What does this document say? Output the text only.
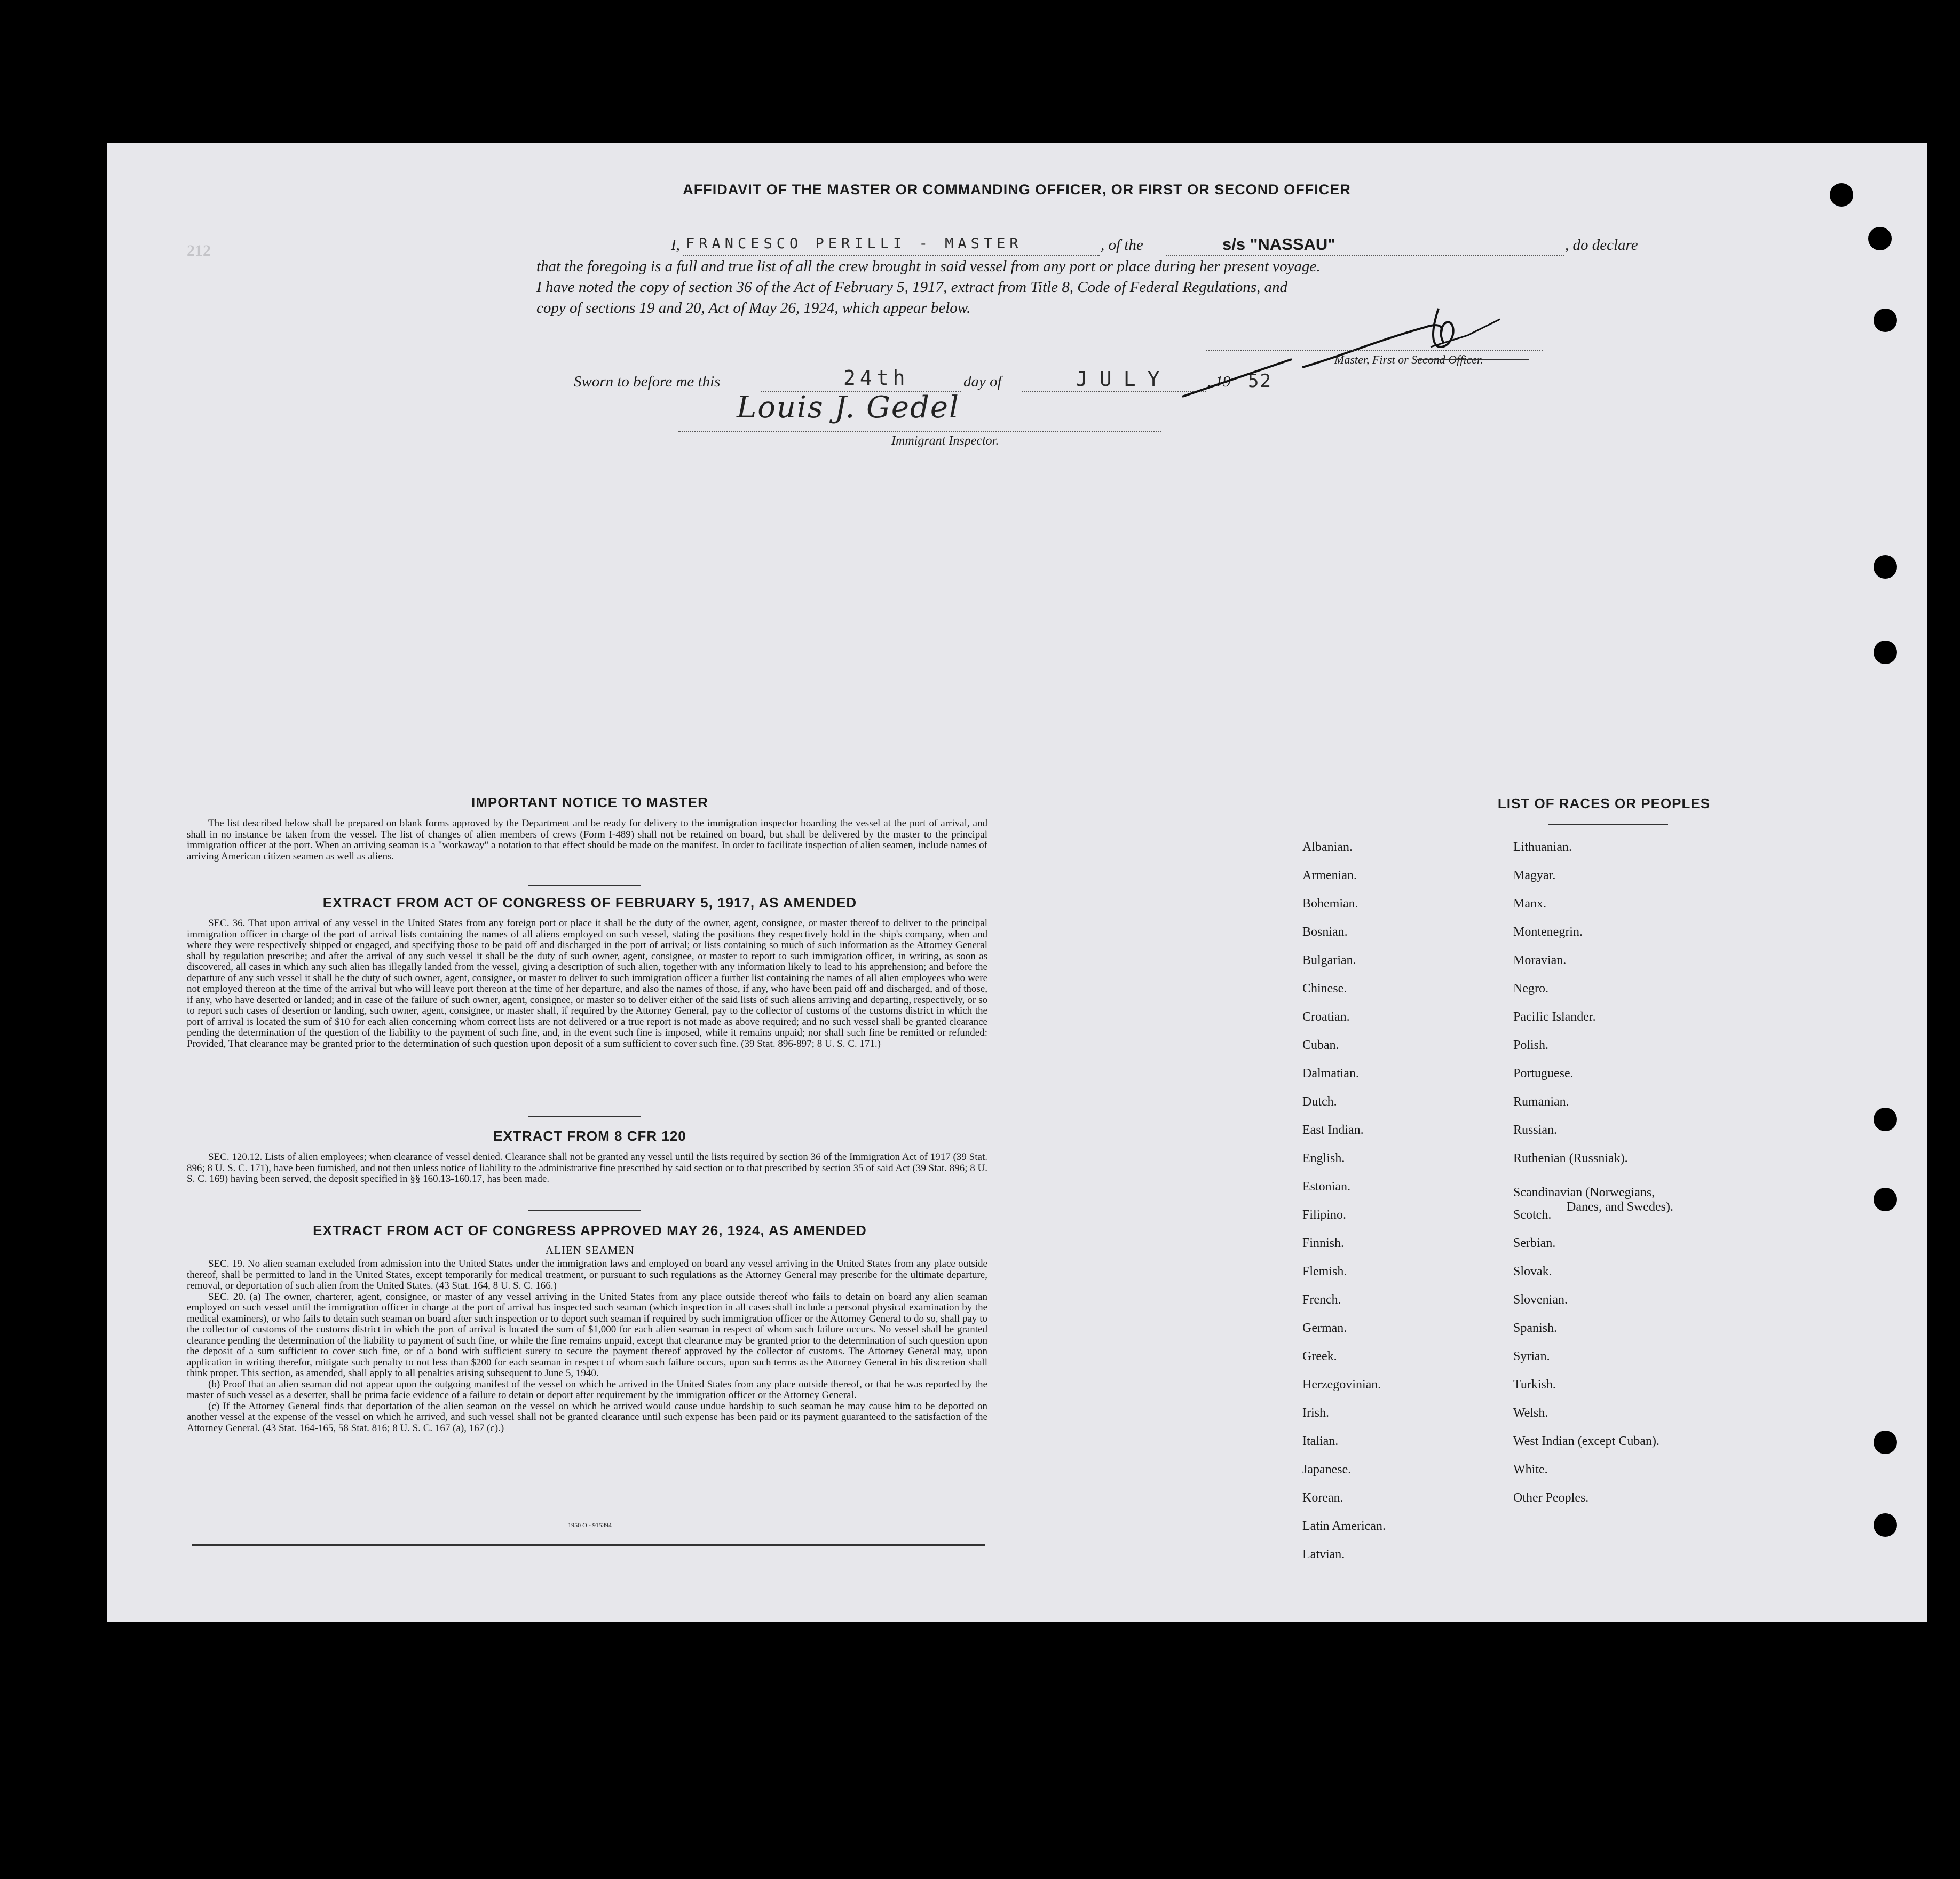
212
AFFIDAVIT OF THE MASTER OR COMMANDING OFFICER, OR FIRST OR SECOND OFFICER
I, FRANCESCO PERILLI - MASTER	, of the	s/s "NASSAU"	, do declare
that the foregoing is a full and true list of all the crew brought in said vessel from any port or place during her present voyage.
I have noted the copy of section 36 of the Act of February 5, 1917, extract from Title 8, Code of Federal Regulations, and
copy of sections 19 and 20, Act of May 26, 1924, which appear below.
Master, First or Second Officer.
Sworn to before me this	24th	day of	JULY , 19 52
Louis J. Gedel
Immigrant Inspector.
IMPORTANT NOTICE TO MASTER

The list described below shall be prepared on blank forms approved by the Department and be ready for delivery to the immigration inspector boarding the vessel at the port of arrival, and shall in no instance be taken from the vessel. The list of changes of alien members of crews (Form I-489) shall not be retained on board, but shall be delivered by the master to the principal immigration officer at the port. When an arriving seaman is a "workaway" a notation to that effect should be made on the manifest. In order to facilitate inspection of alien seamen, include names of arriving American citizen seamen as well as aliens.

EXTRACT FROM ACT OF CONGRESS OF FEBRUARY 5, 1917, AS AMENDED

SEC. 36. That upon arrival of any vessel in the United States from any foreign port or place it shall be the duty of the owner, agent, consignee, or master thereof to deliver to the principal immigration officer in charge of the port of arrival lists containing the names of all aliens employed on such vessel, stating the positions they respectively hold in the ship's company, when and where they were respectively shipped or engaged, and specifying those to be paid off and discharged in the port of arrival; or lists containing so much of such information as the Attorney General shall by regulation prescribe; and after the arrival of any such vessel it shall be the duty of such owner, agent, consignee, or master to report to such immigration officer, in writing, as soon as discovered, all cases in which any such alien has illegally landed from the vessel, giving a description of such alien, together with any information likely to lead to his apprehension; and before the departure of any such vessel it shall be the duty of such owner, agent, consignee, or master to deliver to such immigration officer a further list containing the names of all alien employees who were not employed thereon at the time of the arrival but who will leave port thereon at the time of her departure, and also the names of those, if any, who have been paid off and discharged, and of those, if any, who have deserted or landed; and in case of the failure of such owner, agent, consignee, or master so to deliver either of the said lists of such aliens arriving and departing, respectively, or so to report such cases of desertion or landing, such owner, agent, consignee, or master shall, if required by the Attorney General, pay to the collector of customs of the customs district in which the port of arrival is located the sum of $10 for each alien concerning whom correct lists are not delivered or a true report is not made as above required; and no such vessel shall be granted clearance pending the determination of the question of the liability to the payment of such fine, and, in the event such fine is imposed, while it remains unpaid; nor shall such fine be remitted or refunded: Provided, That clearance may be granted prior to the determination of such question upon deposit of a sum sufficient to cover such fine. (39 Stat. 896-897; 8 U. S. C. 171.)

EXTRACT FROM 8 CFR 120

SEC. 120.12. Lists of alien employees; when clearance of vessel denied. Clearance shall not be granted any vessel until the lists required by section 36 of the Immigration Act of 1917 (39 Stat. 896; 8 U. S. C. 171), have been furnished, and not then unless notice of liability to the administrative fine prescribed by said section or to that prescribed by section 35 of said Act (39 Stat. 896; 8 U. S. C. 169) having been served, the deposit specified in §§ 160.13-160.17, has been made.

EXTRACT FROM ACT OF CONGRESS APPROVED MAY 26, 1924, AS AMENDED
ALIEN SEAMEN

SEC. 19. No alien seaman excluded from admission into the United States under the immigration laws and employed on board any vessel arriving in the United States from any place outside thereof, shall be permitted to land in the United States, except temporarily for medical treatment, or pursuant to such regulations as the Attorney General may prescribe for the ultimate departure, removal, or deportation of such alien from the United States. (43 Stat. 164, 8 U. S. C. 166.)

SEC. 20. (a) The owner, charterer, agent, consignee, or master of any vessel arriving in the United States from any place outside thereof who fails to detain on board any alien seaman employed on such vessel until the immigration officer in charge at the port of arrival has inspected such seaman (which inspection in all cases shall include a personal physical examination by the medical examiners), or who fails to detain such seaman on board after such inspection or to deport such seaman if required by such immigration officer or the Attorney General to do so, shall pay to the collector of customs of the customs district in which the port of arrival is located the sum of $1,000 for each alien seaman in respect of whom such failure occurs. No vessel shall be granted clearance pending the determination of the liability to payment of such fine, or while the fine remains unpaid, except that clearance may be granted prior to the determination of such question upon the deposit of a sum sufficient to cover such fine, or of a bond with sufficient surety to secure the payment thereof approved by the collector of customs. The Attorney General may, upon application in writing therefor, mitigate such penalty to not less than $200 for each seaman in respect of whom such failure occurs, upon such terms as the Attorney General in his discretion shall think proper. This section, as amended, shall apply to all penalties arising subsequent to June 5, 1940.

(b) Proof that an alien seaman did not appear upon the outgoing manifest of the vessel on which he arrived in the United States from any place outside thereof, or that he was reported by the master of such vessel as a deserter, shall be prima facie evidence of a failure to detain or deport after requirement by the immigration officer or the Attorney General.

(c) If the Attorney General finds that deportation of the alien seaman on the vessel on which he arrived would cause undue hardship to such seaman he may cause him to be deported on another vessel at the expense of the vessel on which he arrived, and such vessel shall not be granted clearance until such expense has been paid or its payment guaranteed to the satisfaction of the Attorney General. (43 Stat. 164-165, 58 Stat. 816; 8 U. S. C. 167 (a), 167 (c).)

1950 O - 915394
LIST OF RACES OR PEOPLES
Albanian.
Armenian.
Bohemian.
Bosnian.
Bulgarian.
Chinese.
Croatian.
Cuban.
Dalmatian.
Dutch.
East Indian.
English.
Estonian.
Filipino.
Finnish.
Flemish.
French.
German.
Greek.
Herzegovinian.
Irish.
Italian.
Japanese.
Korean.
Latin American.
Latvian.
Lithuanian.
Magyar.
Manx.
Montenegrin.
Moravian.
Negro.
Pacific Islander.
Polish.
Portuguese.
Rumanian.
Russian.
Ruthenian (Russniak).
Scandinavian (Norwegians,
Danes, and Swedes).
Scotch.
Serbian.
Slovak.
Slovenian.
Spanish.
Syrian.
Turkish.
Welsh.
West Indian (except Cuban).
White.
Other Peoples.
